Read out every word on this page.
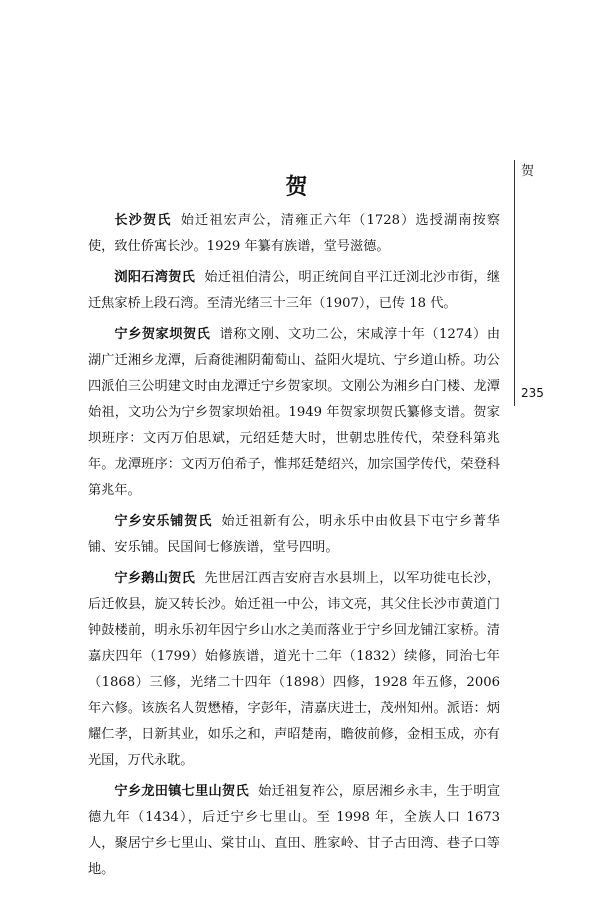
贺
贺
235

长沙贺氏 始迁祖宏声公，清雍正六年（1728）选授湖南按察使，致仕侨寓长沙。1929 年纂有族谱，堂号滋德。

浏阳石湾贺氏 始迁祖伯清公，明正统间自平江迁浏北沙市街，继迁焦家桥上段石湾。至清光绪三十三年（1907），已传 18 代。

宁乡贺家坝贺氏 谱称文刚、文功二公，宋咸淳十年（1274）由湖广迁湘乡龙潭，后裔徙湘阴葡萄山、益阳火堤坑、宁乡道山桥。功公四派伯三公明建文时由龙潭迁宁乡贺家坝。文刚公为湘乡白门楼、龙潭始祖，文功公为宁乡贺家坝始祖。1949 年贺家坝贺氏纂修支谱。贺家坝班序：文丙万伯思斌，元绍廷楚大时，世朝忠胜传代，荣登科第兆年。龙潭班序：文丙万伯希子，惟邦廷楚绍兴，加宗国学传代，荣登科第兆年。

宁乡安乐铺贺氏 始迁祖新有公，明永乐中由攸县下屯宁乡菁华铺、安乐铺。民国间七修族谱，堂号四明。

宁乡鹅山贺氏 先世居江西吉安府吉水县圳上，以军功徙屯长沙，后迁攸县，旋又转长沙。始迁祖一中公，讳文亮，其父住长沙市黄道门钟鼓楼前，明永乐初年因宁乡山水之美而落业于宁乡回龙铺江家桥。清嘉庆四年（1799）始修族谱，道光十二年（1832）续修，同治七年（1868）三修，光绪二十四年（1898）四修，1928 年五修，2006 年六修。该族名人贺懋椿，字彭年，清嘉庆进士，茂州知州。派语：炳耀仁孝，日新其业，如乐之和，声昭楚南，瞻彼前修，金相玉成，亦有光国，万代永耽。

宁乡龙田镇七里山贺氏 始迁祖复祚公，原居湘乡永丰，生于明宣德九年（1434），后迁宁乡七里山。至 1998 年，全族人口 1673 人，聚居宁乡七里山、棠甘山、直田、胜家岭、甘子古田湾、巷子口等地。
